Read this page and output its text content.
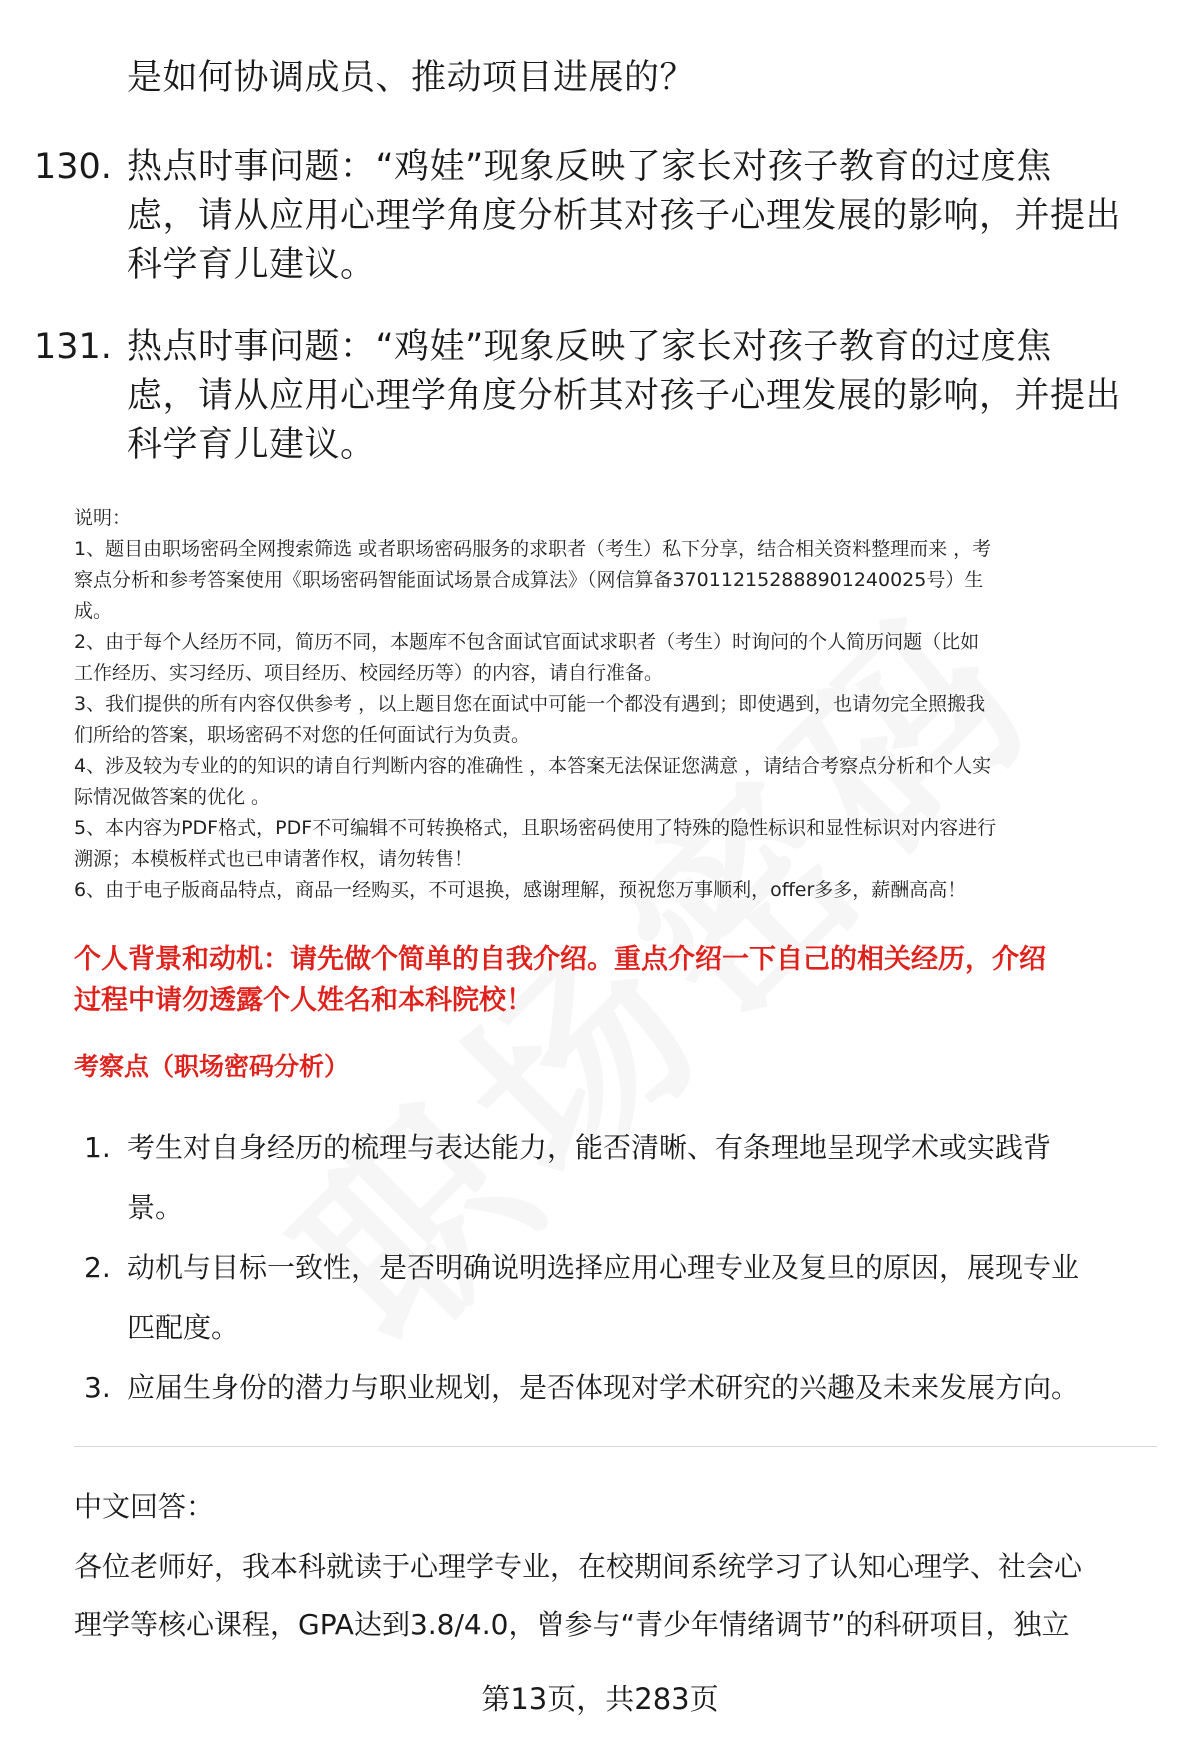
是如何协调成员、推动项目进展的？
130. 热点时事问题：“鸡娃”现象反映了家长对孩子教育的过度焦
虑，请从应用心理学角度分析其对孩子心理发展的影响，并提出
科学育儿建议。
131. 热点时事问题：“鸡娃”现象反映了家长对孩子教育的过度焦
虑，请从应用心理学角度分析其对孩子心理发展的影响，并提出
科学育儿建议。
说明：
1、题目由职场密码全网搜索筛选 或者职场密码服务的求职者（考生）私下分享，结合相关资料整理而来 ，考
察点分析和参考答案使用《职场密码智能面试场景合成算法》（网信算备370112152888901240025号）生
成。
2、由于每个人经历不同，简历不同，本题库不包含面试官面试求职者（考生）时询问的个人简历问题（比如
工作经历、实习经历、项目经历、校园经历等）的内容，请自行准备。
3、我们提供的所有内容仅供参考 ，以上题目您在面试中可能一个都没有遇到；即使遇到，也请勿完全照搬我
们所给的答案，职场密码不对您的任何面试行为负责。
4、涉及较为专业的的知识的请自行判断内容的准确性 ，本答案无法保证您满意 ，请结合考察点分析和个人实
际情况做答案的优化 。
5、本内容为PDF格式，PDF不可编辑不可转换格式，且职场密码使用了特殊的隐性标识和显性标识对内容进行
溯源；本模板样式也已申请著作权，请勿转售！
6、由于电子版商品特点，商品一经购买，不可退换，感谢理解，预祝您万事顺利，offer多多，薪酬高高！
个人背景和动机：请先做个简单的自我介绍。重点介绍一下自己的相关经历，介绍
过程中请勿透露个人姓名和本科院校！
考察点（职场密码分析）
1. 考生对自身经历的梳理与表达能力，能否清晰、有条理地呈现学术或实践背
景。
2. 动机与目标一致性，是否明确说明选择应用心理专业及复旦的原因，展现专业
匹配度。
3. 应届生身份的潜力与职业规划，是否体现对学术研究的兴趣及未来发展方向。
中文回答：
各位老师好，我本科就读于心理学专业，在校期间系统学习了认知心理学、社会心
理学等核心课程，GPA达到3.8/4.0，曾参与“青少年情绪调节”的科研项目，独立
第13页，共283页
